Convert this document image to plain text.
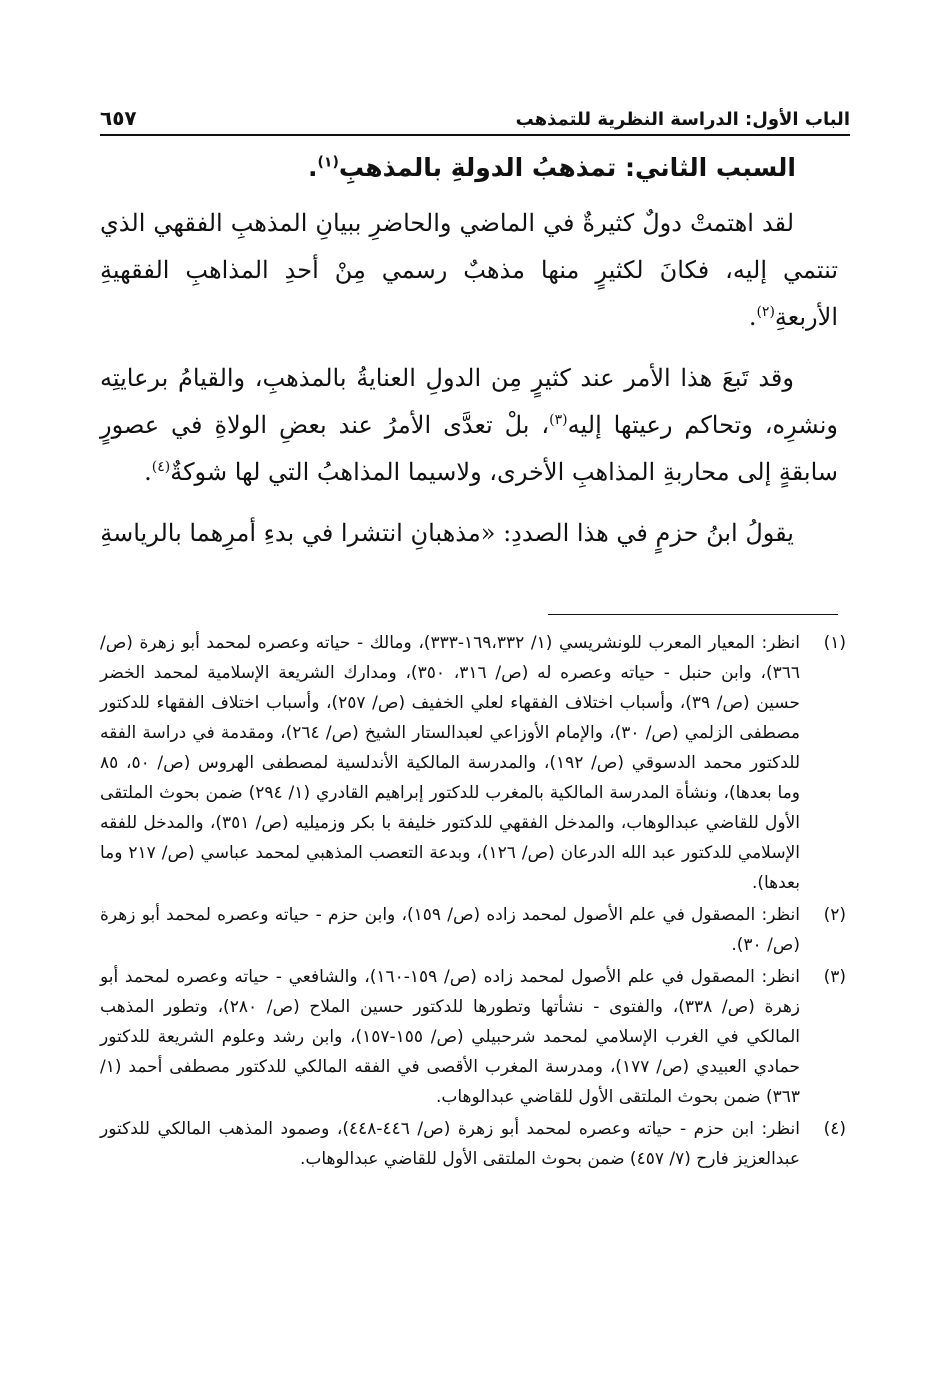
الباب الأول: الدراسة النظرية للتمذهب
٦٥٧
السبب الثاني: تمذهبُ الدولةِ بالمذهبِ$^{(١)}$.

لقد اهتمتْ دولٌ كثيرةٌ في الماضي والحاضرِ ببيانِ المذهبِ الفقهي الذي تنتمي إليه، فكانَ لكثيرٍ منها مذهبٌ رسمي مِنْ أحدِ المذاهبِ الفقهيةِ الأربعةِ$^{(٢)}$.

وقد تَبعَ هذا الأمر عند كثيرٍ مِن الدولِ العنايةُ بالمذهبِ، والقيامُ برعايتِه ونشرِه، وتحاكم رعيتها إليه$^{(٣)}$، بلْ تعدَّى الأمرُ عند بعضِ الولاةِ في عصورٍ سابقةٍ إلى محاربةِ المذاهبِ الأخرى، ولاسيما المذاهبُ التي لها شوكةٌ$^{(٤)}$.

يقولُ ابنُ حزمٍ في هذا الصددِ: «مذهبانِ انتشرا في بدءِ أمرِهما بالرياسةِ

(١)
انظر: المعيار المعرب للونشريسي (١/ ١٦٩،٣٣٢-٣٣٣)، ومالك - حياته وعصره لمحمد أبو زهرة (ص/ ٣٦٦)، وابن حنبل - حياته وعصره له (ص/ ٣١٦، ٣٥٠)، ومدارك الشريعة الإسلامية لمحمد الخضر حسين (ص/ ٣٩)، وأسباب اختلاف الفقهاء لعلي الخفيف (ص/ ٢٥٧)، وأسباب اختلاف الفقهاء للدكتور مصطفى الزلمي (ص/ ٣٠)، والإمام الأوزاعي لعبدالستار الشيخ (ص/ ٢٦٤)، ومقدمة في دراسة الفقه للدكتور محمد الدسوقي (ص/ ١٩٢)، والمدرسة المالكية الأندلسية لمصطفى الهروس (ص/ ٥٠، ٨٥ وما بعدها)، ونشأة المدرسة المالكية بالمغرب للدكتور إبراهيم القادري (١/ ٢٩٤) ضمن بحوث الملتقى الأول للقاضي عبدالوهاب، والمدخل الفقهي للدكتور خليفة با بكر وزميليه (ص/ ٣٥١)، والمدخل للفقه الإسلامي للدكتور عبد الله الدرعان (ص/ ١٢٦)، وبدعة التعصب المذهبي لمحمد عباسي (ص/ ٢١٧ وما بعدها).
(٢)
انظر: المصقول في علم الأصول لمحمد زاده (ص/ ١٥٩)، وابن حزم - حياته وعصره لمحمد أبو زهرة (ص/ ٣٠).
(٣)
انظر: المصقول في علم الأصول لمحمد زاده (ص/ ١٥٩-١٦٠)، والشافعي - حياته وعصره لمحمد أبو زهرة (ص/ ٣٣٨)، والفتوى - نشأتها وتطورها للدكتور حسين الملاح (ص/ ٢٨٠)، وتطور المذهب المالكي في الغرب الإسلامي لمحمد شرحبيلي (ص/ ١٥٥-١٥٧)، وابن رشد وعلوم الشريعة للدكتور حمادي العبيدي (ص/ ١٧٧)، ومدرسة المغرب الأقصى في الفقه المالكي للدكتور مصطفى أحمد (١/ ٣٦٣) ضمن بحوث الملتقى الأول للقاضي عبدالوهاب.
(٤)
انظر: ابن حزم - حياته وعصره لمحمد أبو زهرة (ص/ ٤٤٦-٤٤٨)، وصمود المذهب المالكي للدكتور عبدالعزيز فارح (٧/ ٤٥٧) ضمن بحوث الملتقى الأول للقاضي عبدالوهاب.
